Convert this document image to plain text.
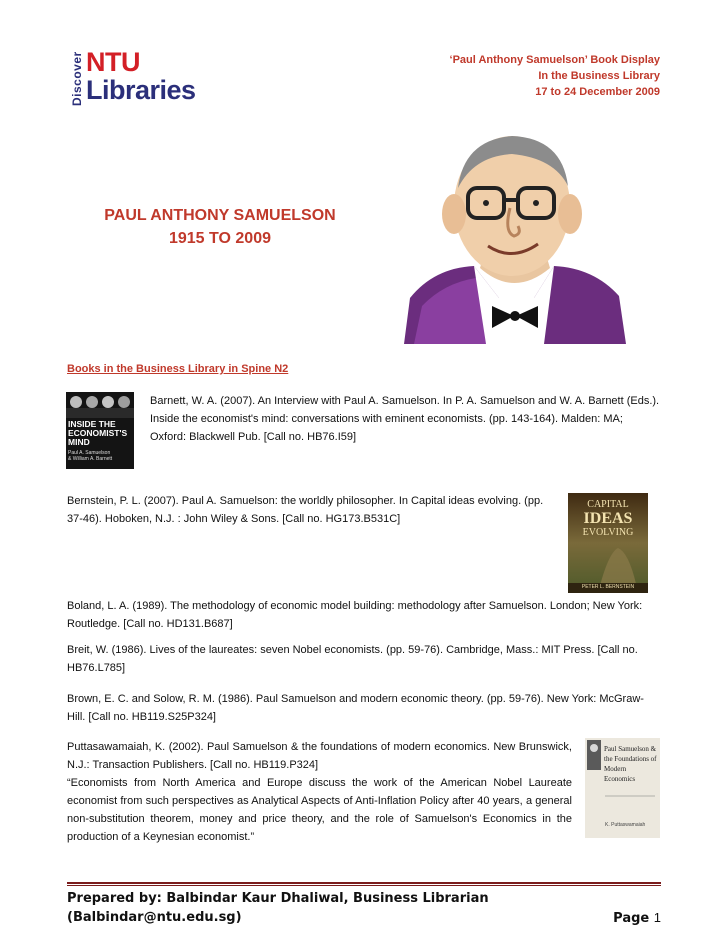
Discover NTU
Libraries
‘Paul Anthony Samuelson’ Book Display
In the Business Library
17 to 24 December 2009
PAUL ANTHONY SAMUELSON
1915 TO 2009
Books in the Business Library in Spine N2
INSIDE THE
ECONOMIST'S
MIND
Paul A. Samuelson
& William A. Barnett
Barnett, W. A. (2007). An Interview with Paul A. Samuelson. In P. A. Samuelson and W. A. Barnett (Eds.). Inside the economist's mind: conversations with eminent economists. (pp. 143-164). Malden: MA; Oxford: Blackwell Pub. [Call no. HB76.I59]
Bernstein, P. L. (2007). Paul A. Samuelson: the worldly philosopher. In Capital ideas evolving. (pp. 37-46). Hoboken, N.J. : John Wiley & Sons. [Call no. HG173.B531C]
CAPITAL
IDEAS
EVOLVING
PETER L. BERNSTEIN
Boland, L. A. (1989). The methodology of economic model building: methodology after Samuelson. London; New York: Routledge. [Call no. HD131.B687]
Breit, W. (1986). Lives of the laureates: seven Nobel economists. (pp. 59-76). Cambridge, Mass.: MIT Press. [Call no. HB76.L785]
Brown, E. C. and Solow, R. M. (1986). Paul Samuelson and modern economic theory. (pp. 59-76). New York: McGraw-Hill. [Call no. HB119.S25P324]

Puttasawamaiah, K. (2002). Paul Samuelson & the foundations of modern economics. New Brunswick, N.J.: Transaction Publishers. [Call no. HB119.P324]

“Economists from North America and Europe discuss the work of the American Nobel Laureate economist from such perspectives as Analytical Aspects of Anti-Inflation Policy after 40 years, a general non-substitution theorem, money and price theory, and the role of Samuelson's Economics in the production of a Keynesian economist.”

Paul Samuelson &
the Foundations of
Modern Economics
K. Puttaswamaiah
Prepared by: Balbindar Kaur Dhaliwal, Business Librarian
(Balbindar@ntu.edu.sg)	Page 1
